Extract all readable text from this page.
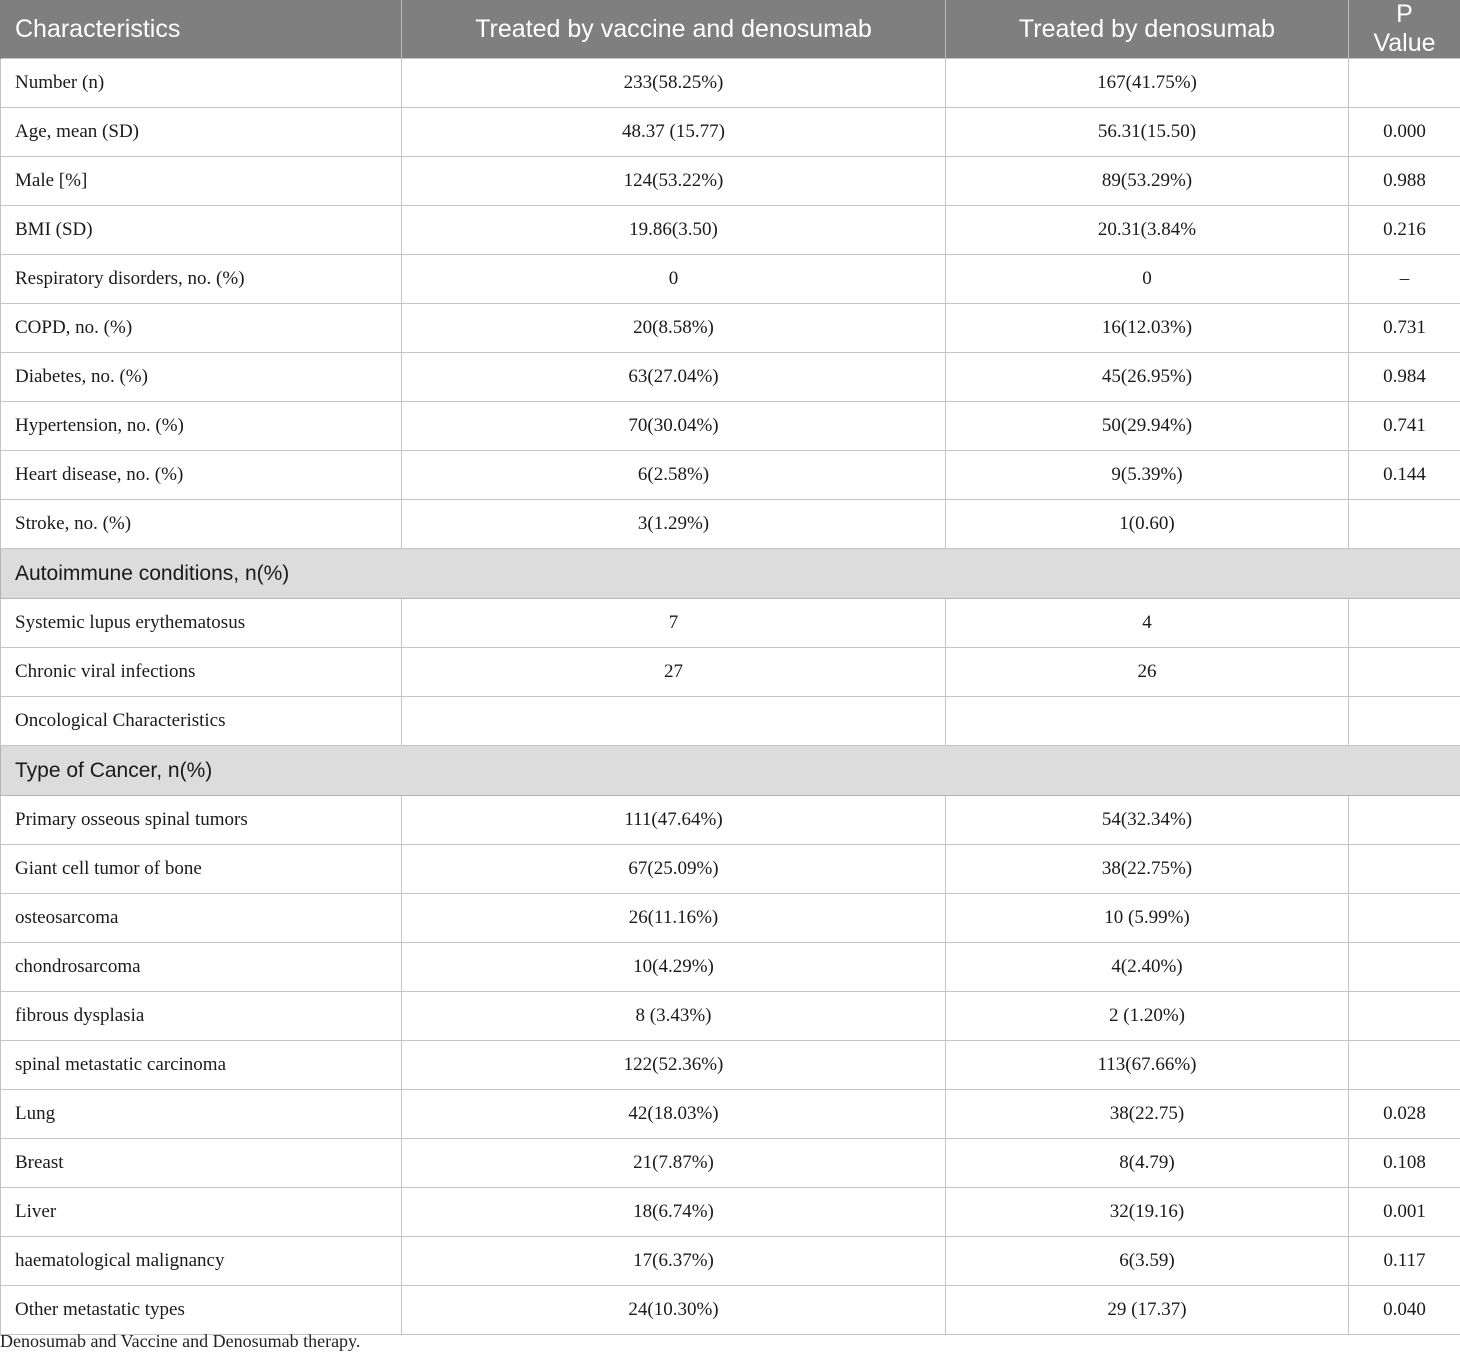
Characteristics	Treated by vaccine and denosumab	Treated by denosumab	P Value
Number (n)	233(58.25%)	167(41.75%)	
Age, mean (SD)	48.37 (15.77)	56.31(15.50)	0.000
Male [%]	124(53.22%)	89(53.29%)	0.988
BMI (SD)	19.86(3.50)	20.31(3.84%	0.216
Respiratory disorders, no. (%)	0	0	–
COPD, no. (%)	20(8.58%)	16(12.03%)	0.731
Diabetes, no. (%)	63(27.04%)	45(26.95%)	0.984
Hypertension, no. (%)	70(30.04%)	50(29.94%)	0.741
Heart disease, no. (%)	6(2.58%)	9(5.39%)	0.144
Stroke, no. (%)	3(1.29%)	1(0.60)	
Autoimmune conditions, n(%)			
Systemic lupus erythematosus	7	4	
Chronic viral infections	27	26	
Oncological Characteristics			
Type of Cancer, n(%)			
Primary osseous spinal tumors	111(47.64%)	54(32.34%)	
Giant cell tumor of bone	67(25.09%)	38(22.75%)	
osteosarcoma	26(11.16%)	10 (5.99%)	
chondrosarcoma	10(4.29%)	4(2.40%)	
fibrous dysplasia	8 (3.43%)	2 (1.20%)	
spinal metastatic carcinoma	122(52.36%)	113(67.66%)	
Lung	42(18.03%)	38(22.75)	0.028
Breast	21(7.87%)	8(4.79)	0.108
Liver	18(6.74%)	32(19.16)	0.001
haematological malignancy	17(6.37%)	6(3.59)	0.117
Other metastatic types	24(10.30%)	29 (17.37)	0.040
Denosumab and Vaccine and Denosumab therapy.
